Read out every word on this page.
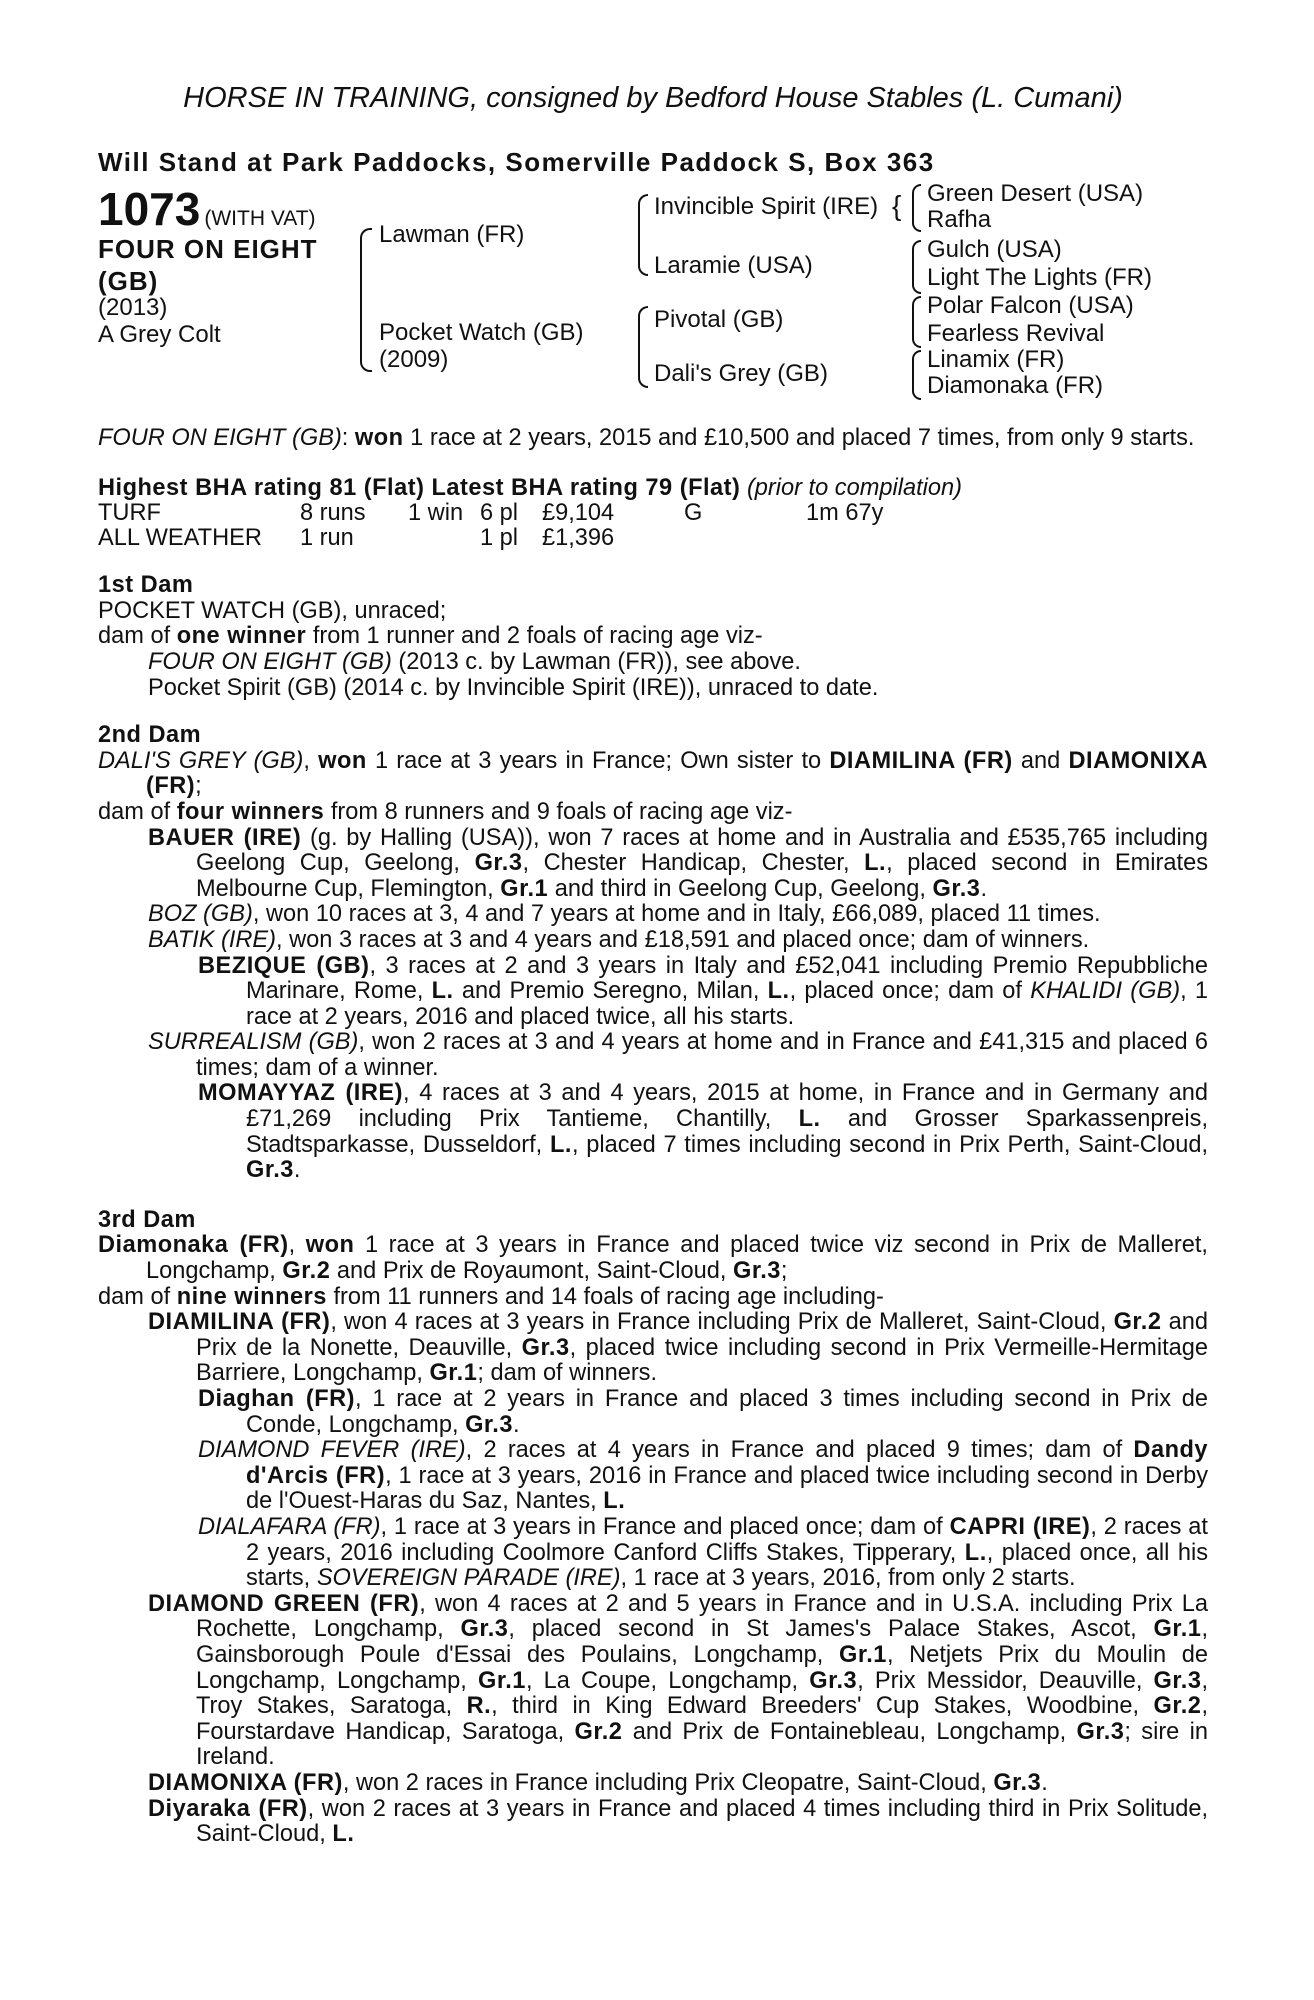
HORSE IN TRAINING, consigned by Bedford House Stables (L. Cumani)
Will Stand at Park Paddocks, Somerville Paddock S, Box 363
1073 (WITH VAT)
FOUR ON EIGHT
(GB)
(2013)
A Grey Colt
Lawman (FR)
Pocket Watch (GB)
(2009)
Invincible Spirit (IRE)
Laramie (USA)
Pivotal (GB)
Dali's Grey (GB)
{ Green Desert (USA)
Rafha
Gulch (USA)
Light The Lights (FR)
Polar Falcon (USA)
Fearless Revival
Linamix (FR)
Diamonaka (FR)

FOUR ON EIGHT (GB): won 1 race at 2 years, 2015 and £10,500 and placed 7 times, from only 9 starts.

Highest BHA rating 81 (Flat) Latest BHA rating 79 (Flat) (prior to compilation)
TURF	8 runs	1 win	6 pl	£9,104	G	1m 67y
ALL WEATHER	1 run		1 pl	£1,396		
1st Dam

POCKET WATCH (GB), unraced;

dam of one winner from 1 runner and 2 foals of racing age viz-

FOUR ON EIGHT (GB) (2013 c. by Lawman (FR)), see above.

Pocket Spirit (GB) (2014 c. by Invincible Spirit (IRE)), unraced to date.

2nd Dam

DALI'S GREY (GB), won 1 race at 3 years in France; Own sister to DIAMILINA (FR) and DIAMONIXA (FR);

dam of four winners from 8 runners and 9 foals of racing age viz-

BAUER (IRE) (g. by Halling (USA)), won 7 races at home and in Australia and £535,765 including Geelong Cup, Geelong, Gr.3, Chester Handicap, Chester, L., placed second in Emirates Melbourne Cup, Flemington, Gr.1 and third in Geelong Cup, Geelong, Gr.3.

BOZ (GB), won 10 races at 3, 4 and 7 years at home and in Italy, £66,089, placed 11 times.

BATIK (IRE), won 3 races at 3 and 4 years and £18,591 and placed once; dam of winners.

BEZIQUE (GB), 3 races at 2 and 3 years in Italy and £52,041 including Premio Repubbliche Marinare, Rome, L. and Premio Seregno, Milan, L., placed once; dam of KHALIDI (GB), 1 race at 2 years, 2016 and placed twice, all his starts.

SURREALISM (GB), won 2 races at 3 and 4 years at home and in France and £41,315 and placed 6 times; dam of a winner.

MOMAYYAZ (IRE), 4 races at 3 and 4 years, 2015 at home, in France and in Germany and £71,269 including Prix Tantieme, Chantilly, L. and Grosser Sparkassenpreis, Stadtsparkasse, Dusseldorf, L., placed 7 times including second in Prix Perth, Saint-Cloud, Gr.3.

3rd Dam

Diamonaka (FR), won 1 race at 3 years in France and placed twice viz second in Prix de Malleret, Longchamp, Gr.2 and Prix de Royaumont, Saint-Cloud, Gr.3;

dam of nine winners from 11 runners and 14 foals of racing age including-

DIAMILINA (FR), won 4 races at 3 years in France including Prix de Malleret, Saint-Cloud, Gr.2 and Prix de la Nonette, Deauville, Gr.3, placed twice including second in Prix Vermeille-Hermitage Barriere, Longchamp, Gr.1; dam of winners.

Diaghan (FR), 1 race at 2 years in France and placed 3 times including second in Prix de Conde, Longchamp, Gr.3.

DIAMOND FEVER (IRE), 2 races at 4 years in France and placed 9 times; dam of Dandy d'Arcis (FR), 1 race at 3 years, 2016 in France and placed twice including second in Derby de l'Ouest-Haras du Saz, Nantes, L.

DIALAFARA (FR), 1 race at 3 years in France and placed once; dam of CAPRI (IRE), 2 races at 2 years, 2016 including Coolmore Canford Cliffs Stakes, Tipperary, L., placed once, all his starts, SOVEREIGN PARADE (IRE), 1 race at 3 years, 2016, from only 2 starts.

DIAMOND GREEN (FR), won 4 races at 2 and 5 years in France and in U.S.A. including Prix La Rochette, Longchamp, Gr.3, placed second in St James's Palace Stakes, Ascot, Gr.1, Gainsborough Poule d'Essai des Poulains, Longchamp, Gr.1, Netjets Prix du Moulin de Longchamp, Longchamp, Gr.1, La Coupe, Longchamp, Gr.3, Prix Messidor, Deauville, Gr.3, Troy Stakes, Saratoga, R., third in King Edward Breeders' Cup Stakes, Woodbine, Gr.2, Fourstardave Handicap, Saratoga, Gr.2 and Prix de Fontainebleau, Longchamp, Gr.3; sire in Ireland.

DIAMONIXA (FR), won 2 races in France including Prix Cleopatre, Saint-Cloud, Gr.3.

Diyaraka (FR), won 2 races at 3 years in France and placed 4 times including third in Prix Solitude, Saint-Cloud, L.
